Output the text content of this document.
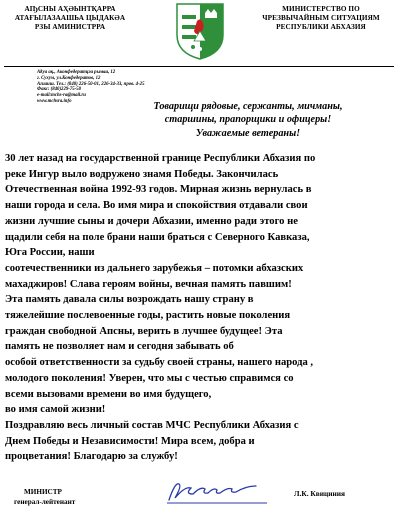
АҦСНЫ АҲӘЫНТҚАРРА
АТАҒЫЛАЗААШЬА ЦЫДАКӘА
РЗЫ АМИНИСТРРА
МИНИСТЕРСТВО ПО
ЧРЕЗВЫЧАЙНЫМ СИТУАЦИЯМ
РЕСПУБЛИКИ АБХАЗИЯ
Аҟуа ақ., Аконфедератцәа рымҩа, 12
г. Сухум, ул.Конфедератов, 12
Агиаиш. Тел.: (840) 226-50-01, 226-34-33, пров. 4-25
Факс: (840)229-75-50
e-mail:mchs-ra@mail.ru
www.mchsra.info	Товарищи рядовые, сержанты, мичманы,
старшины, прапорщики и офицеры!
Уважаемые ветераны!
30 лет назад на государственной границе Республики Абхазия по
реке Ингур выло водружено знамя Победы. Закончилась
Отечественная война 1992-93 годов. Мирная жизнь вернулась в
наши города и села. Во имя мира и спокойствия отдавали свои
жизни лучшие сыны и дочери Абхазии, именно ради этого не
щадили себя на поле брани наши браться с Северного Кавказа,
Юга России, наши
соотечественники из дальнего зарубежья – потомки абхазских
махаджиров! Слава героям войны, вечная память павшим!
Эта память давала силы возрождать нашу страну в
тяжелейшие послевоенные годы, растить новые поколения
граждан свободной Апсны, верить в лучшее будущее! Эта
память не позволяет нам и сегодня забывать об
особой ответственности за судьбу своей страны, нашего народа ,
молодого поколения! Уверен, что мы с честью справимся со
всеми вызовами времени во имя будущего,
во имя самой жизни!
Поздравляю весь личный состав МЧС Республики Абхазия с
Днем Победы и Независимости! Мира всем, добра и
процветания! Благодарю за службу!
МИНИСТР
генерал-лейтенант
Л.К. Квициния
